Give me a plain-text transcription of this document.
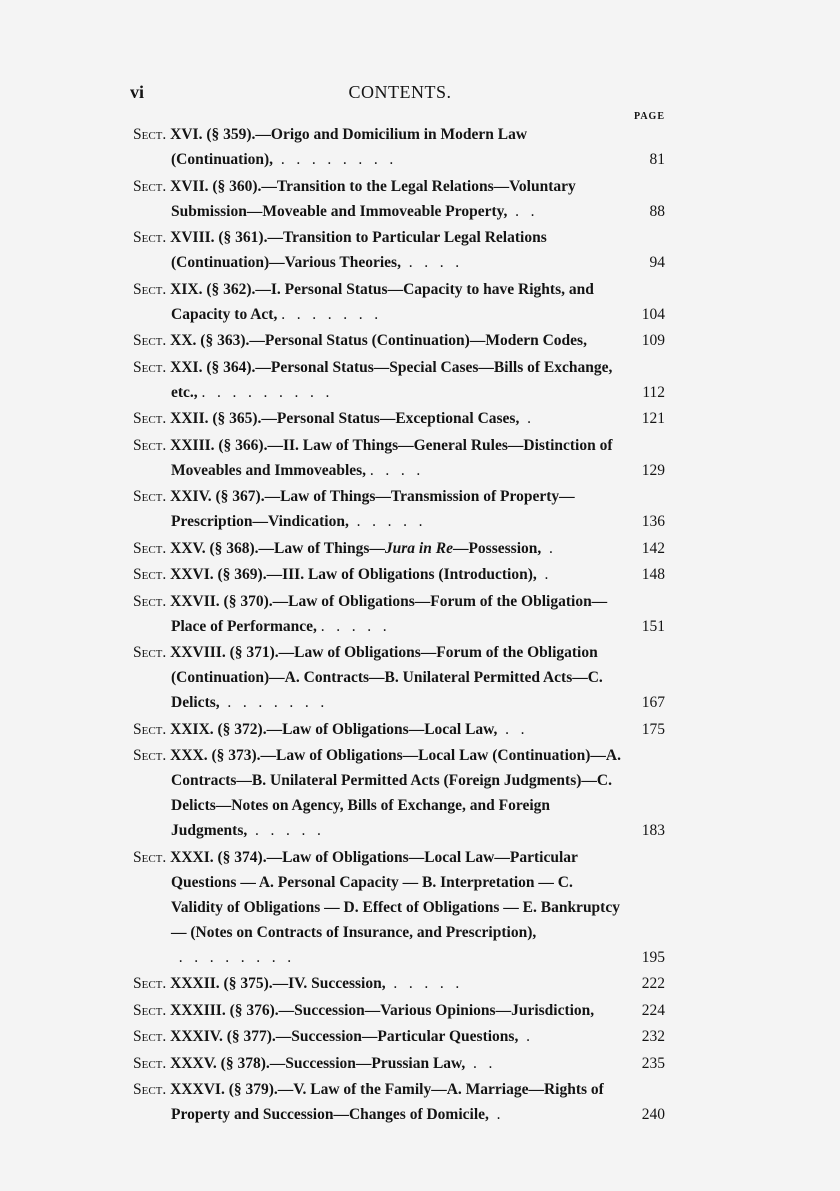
vi	CONTENTS.
PAGE
Sect. XVI. (§ 359).—Origo and Domicilium in Modern Law (Continuation),  .   .   .   .   .   .   .   .	81
Sect. XVII. (§ 360).—Transition to the Legal Relations—Voluntary Submission—Moveable and Immoveable Property,  .   .	88
Sect. XVIII. (§ 361).—Transition to Particular Legal Relations (Continuation)—Various Theories,  .   .   .   .	94
Sect. XIX. (§ 362).—I. Personal Status—Capacity to have Rights, and Capacity to Act, .   .   .   .   .   .   .	104
Sect. XX. (§ 363).—Personal Status (Continuation)—Modern Codes,	109
Sect. XXI. (§ 364).—Personal Status—Special Cases—Bills of Exchange, etc., .   .   .   .   .   .   .   .   .	112
Sect. XXII. (§ 365).—Personal Status—Exceptional Cases,  .	121
Sect. XXIII. (§ 366).—II. Law of Things—General Rules—Distinction of Moveables and Immoveables, .   .   .   .	129
Sect. XXIV. (§ 367).—Law of Things—Transmission of Property—Prescription—Vindication,  .   .   .   .   .	136
Sect. XXV. (§ 368).—Law of Things—Jura in Re—Possession,  .	142
Sect. XXVI. (§ 369).—III. Law of Obligations (Introduction),  .	148
Sect. XXVII. (§ 370).—Law of Obligations—Forum of the Obligation—Place of Performance, .   .   .   .   .	151
Sect. XXVIII. (§ 371).—Law of Obligations—Forum of the Obligation (Continuation)—A. Contracts—B. Unilateral Permitted Acts—C. Delicts,  .   .   .   .   .   .   .	167
Sect. XXIX. (§ 372).—Law of Obligations—Local Law,  .   .	175
Sect. XXX. (§ 373).—Law of Obligations—Local Law (Continuation)—A. Contracts—B. Unilateral Permitted Acts (Foreign Judgments)—C. Delicts—Notes on Agency, Bills of Exchange, and Foreign Judgments,  .   .   .   .   .	183
Sect. XXXI. (§ 374).—Law of Obligations—Local Law—Particular Questions — A. Personal Capacity — B. Interpretation — C. Validity of Obligations — D. Effect of Obligations — E. Bankruptcy — (Notes on Contracts of Insurance, and Prescription),  .   .   .   .   .   .   .   .	195
Sect. XXXII. (§ 375).—IV. Succession,  .   .   .   .   .	222
Sect. XXXIII. (§ 376).—Succession—Various Opinions—Jurisdiction,	224
Sect. XXXIV. (§ 377).—Succession—Particular Questions,  .	232
Sect. XXXV. (§ 378).—Succession—Prussian Law,  .   .	235
Sect. XXXVI. (§ 379).—V. Law of the Family—A. Marriage—Rights of Property and Succession—Changes of Domicile,  .	240
